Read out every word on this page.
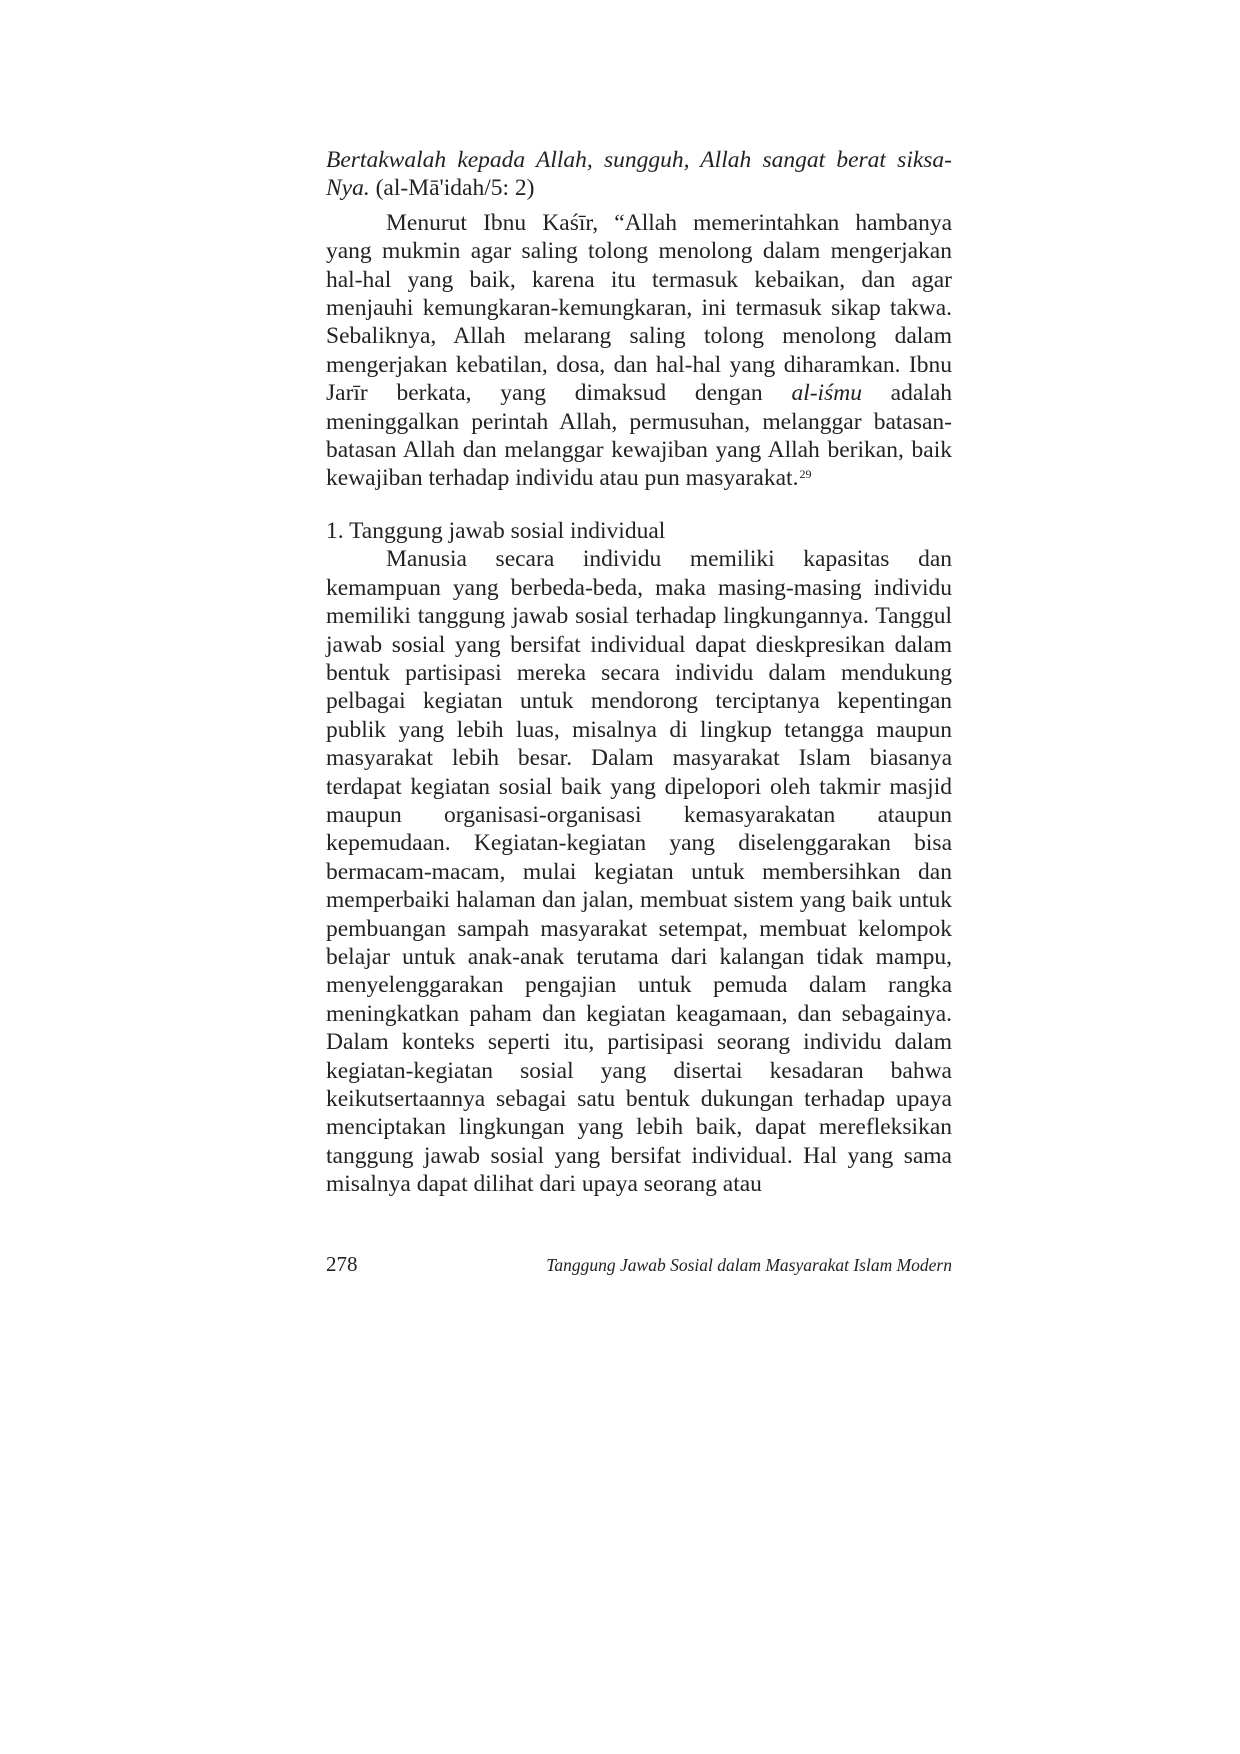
Bertakwalah kepada Allah, sungguh, Allah sangat berat siksa-Nya. (al-Mā'idah/5: 2)

Menurut Ibnu Kaśīr, “Allah memerintahkan hambanya yang mukmin agar saling tolong menolong dalam mengerjakan hal-hal yang baik, karena itu termasuk kebaikan, dan agar menjauhi kemungkaran-kemungkaran, ini termasuk sikap takwa. Sebaliknya, Allah melarang saling tolong menolong dalam mengerjakan kebatilan, dosa, dan hal-hal yang diharamkan. Ibnu Jarīr berkata, yang dimaksud dengan al-iśmu adalah meninggalkan perintah Allah, permusuhan, melanggar batasan-batasan Allah dan melanggar kewajiban yang Allah berikan, baik kewajiban terhadap individu atau pun masyarakat.$^{29}$

1. Tanggung jawab sosial individual

Manusia secara individu memiliki kapasitas dan kemampuan yang berbeda-beda, maka masing-masing individu memiliki tanggung jawab sosial terhadap lingkungannya. Tanggul jawab sosial yang bersifat individual dapat dieskpresikan dalam bentuk partisipasi mereka secara individu dalam mendukung pelbagai kegiatan untuk mendorong terciptanya kepentingan publik yang lebih luas, misalnya di lingkup tetangga maupun masyarakat lebih besar. Dalam masyarakat Islam biasanya terdapat kegiatan sosial baik yang dipelopori oleh takmir masjid maupun organisasi-organisasi kemasyarakatan ataupun kepemudaan. Kegiatan-kegiatan yang diselenggarakan bisa bermacam-macam, mulai kegiatan untuk membersihkan dan memperbaiki halaman dan jalan, membuat sistem yang baik untuk pembuangan sampah masyarakat setempat, membuat kelompok belajar untuk anak-anak terutama dari kalangan tidak mampu, menyelenggarakan pengajian untuk pemuda dalam rangka meningkatkan paham dan kegiatan keagamaan, dan sebagainya. Dalam konteks seperti itu, partisipasi seorang individu dalam kegiatan-kegiatan sosial yang disertai kesadaran bahwa keikutsertaannya sebagai satu bentuk dukungan terhadap upaya menciptakan lingkungan yang lebih baik, dapat merefleksikan tanggung jawab sosial yang bersifat individual. Hal yang sama misalnya dapat dilihat dari upaya seorang atau

278	Tanggung Jawab Sosial dalam Masyarakat Islam Modern
